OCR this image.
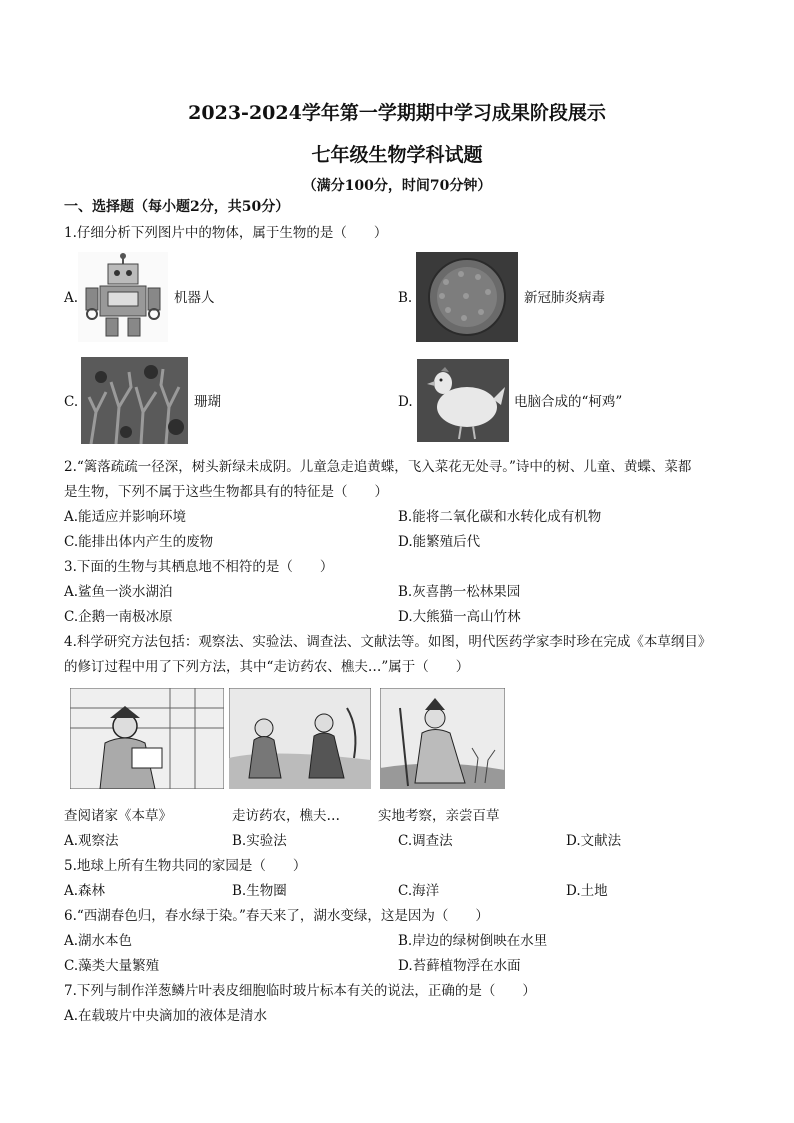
2023-2024学年第一学期期中学习成果阶段展示
七年级生物学科试题
（满分100分，时间70分钟）
一、选择题（每小题2分，共50分）
1.仔细分析下列图片中的物体，属于生物的是（　　）
A.	机器人	B.	新冠肺炎病毒
C.	珊瑚	D.	电脑合成的“柯鸡”
2.“篱落疏疏一径深，树头新绿未成阴。儿童急走追黄蝶，飞入菜花无处寻。”诗中的树、儿童、黄蝶、菜都
是生物，下列不属于这些生物都具有的特征是（　　）
A.能适应并影响环境	B.能将二氧化碳和水转化成有机物
C.能排出体内产生的废物	D.能繁殖后代
3.下面的生物与其栖息地不相符的是（　　）
A.鲨鱼一淡水湖泊	B.灰喜鹊一松林果园
C.企鹅一南极冰原	D.大熊猫一高山竹林
4.科学研究方法包括：观察法、实验法、调查法、文献法等。如图，明代医药学家李时珍在完成《本草纲目》
的修订过程中用了下列方法，其中“走访药农、樵夫…”属于（　　）
查阅诸家《本草》	走访药农，樵夫…	实地考察，亲尝百草
A.观察法	B.实验法	C.调查法	D.文献法
5.地球上所有生物共同的家园是（　　）
A.森林	B.生物圈	C.海洋	D.土地
6.“西湖春色归，春水绿于染。”春天来了，湖水变绿，这是因为（　　）
A.湖水本色	B.岸边的绿树倒映在水里
C.藻类大量繁殖	D.苔藓植物浮在水面
7.下列与制作洋葱鳞片叶表皮细胞临时玻片标本有关的说法，正确的是（　　）
A.在载玻片中央滴加的液体是清水
